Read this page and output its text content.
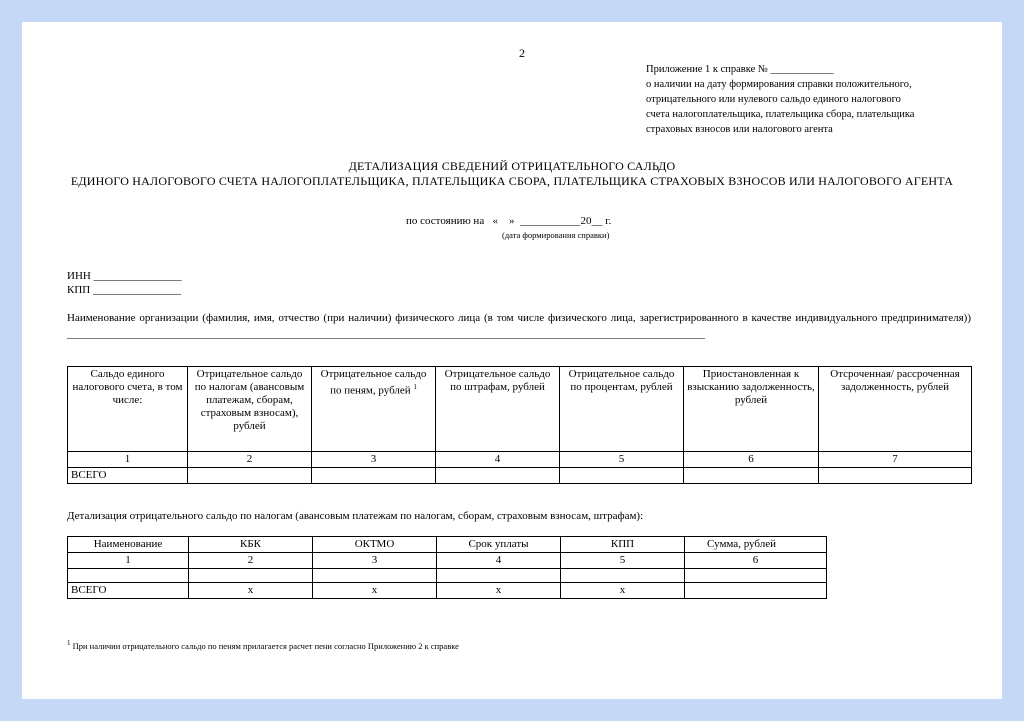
2
Приложение 1 к справке № ____________
о наличии на дату формирования справки положительного,
отрицательного или нулевого сальдо единого налогового
счета налогоплательщика, плательщика сбора, плательщика
страховых взносов или налогового агента
ДЕТАЛИЗАЦИЯ СВЕДЕНИЙ ОТРИЦАТЕЛЬНОГО САЛЬДО
ЕДИНОГО НАЛОГОВОГО СЧЕТА НАЛОГОПЛАТЕЛЬЩИКА, ПЛАТЕЛЬЩИКА СБОРА, ПЛАТЕЛЬЩИКА СТРАХОВЫХ ВЗНОСОВ ИЛИ НАЛОГОВОГО АГЕНТА
по состоянию на   «    »  ___________20__ г.
(дата формирования справки)
ИНН ________________
КПП ________________
Наименование организации (фамилия, имя, отчество (при наличии) физического лица (в том числе физического лица, зарегистрированного в качестве индивидуального предпринимателя)) ____________________________________________________________________________________________________________________
Сальдо единого налогового счета, в том числе:	Отрицательное сальдо по налогам (авансовым платежам, сборам, страховым взносам), рублей	Отрицательное сальдо по пеням, рублей $^1$	Отрицательное сальдо по штрафам, рублей	Отрицательное сальдо по процентам, рублей	Приостановленная к взысканию задолженность, рублей	Отсроченная/ рассроченная задолженность, рублей
1	2	3	4	5	6	7
ВСЕГО						
Детализация отрицательного сальдо по налогам (авансовым платежам по налогам, сборам, страховым взносам, штрафам):
Наименование	КБК	ОКТМО	Срок уплаты	КПП	Сумма, рублей
1	2	3	4	5	6

ВСЕГО	х	х	х	х	
$^1$ При наличии отрицательного сальдо по пеням прилагается расчет пени согласно Приложению 2 к справке
